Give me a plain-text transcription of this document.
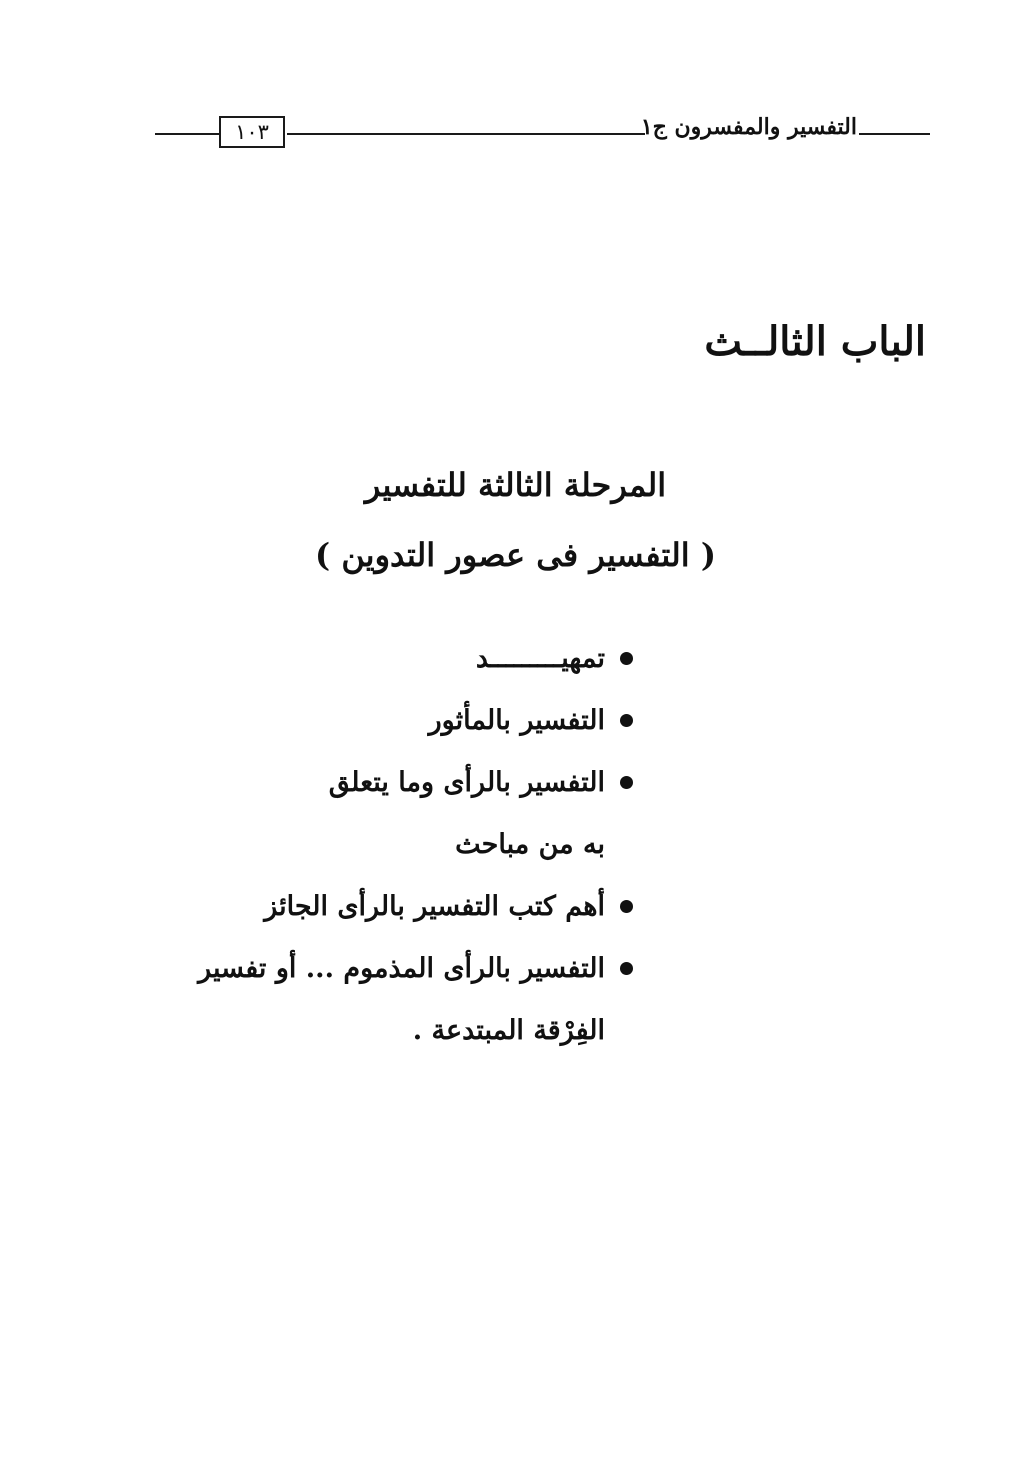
١٠٣	التفسير والمفسرون ج١
الباب الثالــث
المرحلة الثالثة للتفسير
( التفسير فى عصور التدوين )
تمهيـــــــــد
التفسير بالمأثور
التفسير بالرأى وما يتعلق به من مباحث
أهم كتب التفسير بالرأى الجائز
التفسير بالرأى المذموم ... أو تفسير الفِرْقة المبتدعة .
